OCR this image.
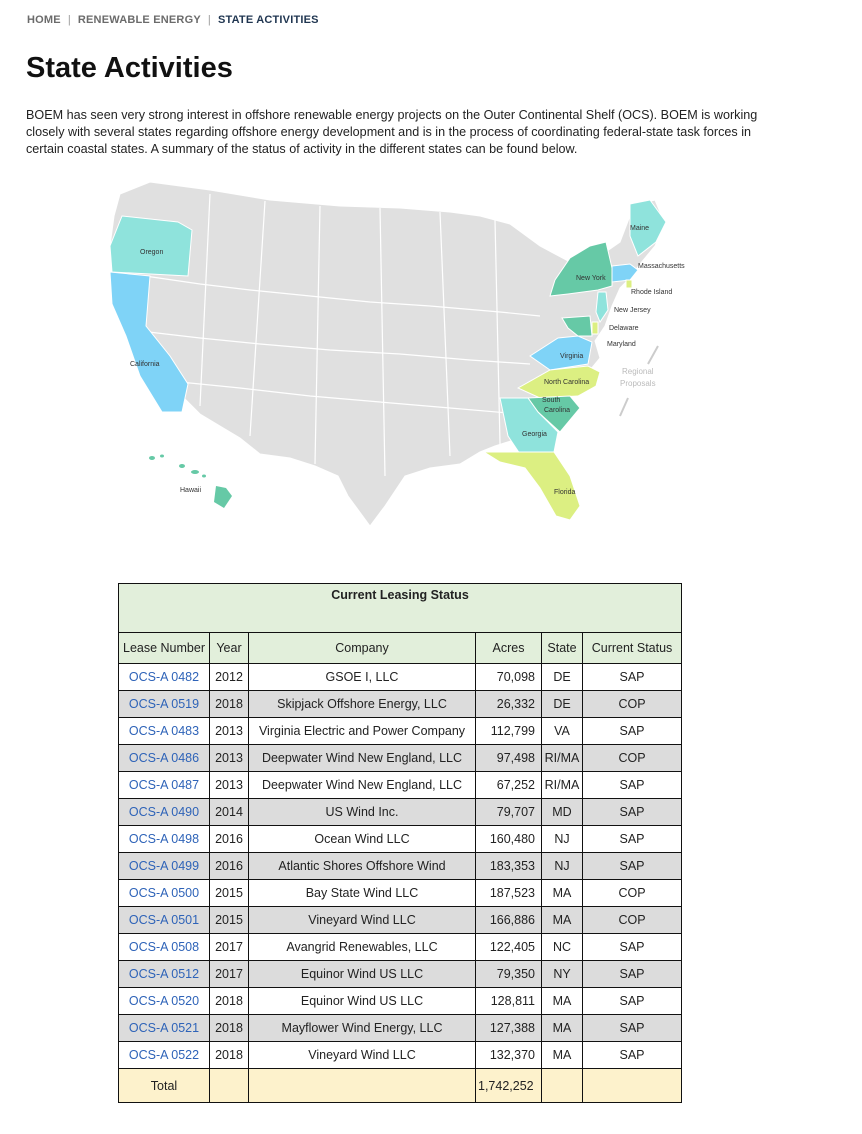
HOME | RENEWABLE ENERGY | STATE ACTIVITIES
State Activities

BOEM has seen very strong interest in offshore renewable energy projects on the Outer Continental Shelf (OCS). BOEM is working closely with several states regarding offshore energy development and is in the process of coordinating federal-state task forces in certain coastal states. A summary of the status of activity in the different states can be found below.

Maine
Massachusetts
Rhode Island
New York
New Jersey
Delaware
Maryland
Virginia
North Carolina
South
Carolina
Georgia
Florida
Oregon
California
Hawaii
Regional
Proposals
Current Leasing Status					
Lease Number	Year	Company	Acres	State	Current Status
OCS-A 0482	2012	GSOE I, LLC	70,098	DE	SAP
OCS-A 0519	2018	Skipjack Offshore Energy, LLC	26,332	DE	COP
OCS-A 0483	2013	Virginia Electric and Power Company	112,799	VA	SAP
OCS-A 0486	2013	Deepwater Wind New England, LLC	97,498	RI/MA	COP
OCS-A 0487	2013	Deepwater Wind New England, LLC	67,252	RI/MA	SAP
OCS-A 0490	2014	US Wind Inc.	79,707	MD	SAP
OCS-A 0498	2016	Ocean Wind LLC	160,480	NJ	SAP
OCS-A 0499	2016	Atlantic Shores Offshore Wind	183,353	NJ	SAP
OCS-A 0500	2015	Bay State Wind LLC	187,523	MA	COP
OCS-A 0501	2015	Vineyard Wind LLC	166,886	MA	COP
OCS-A 0508	2017	Avangrid Renewables, LLC	122,405	NC	SAP
OCS-A 0512	2017	Equinor Wind US LLC	79,350	NY	SAP
OCS-A 0520	2018	Equinor Wind US LLC	128,811	MA	SAP
OCS-A 0521	2018	Mayflower Wind Energy, LLC	127,388	MA	SAP
OCS-A 0522	2018	Vineyard Wind LLC	132,370	MA	SAP
Total			1,742,252		
